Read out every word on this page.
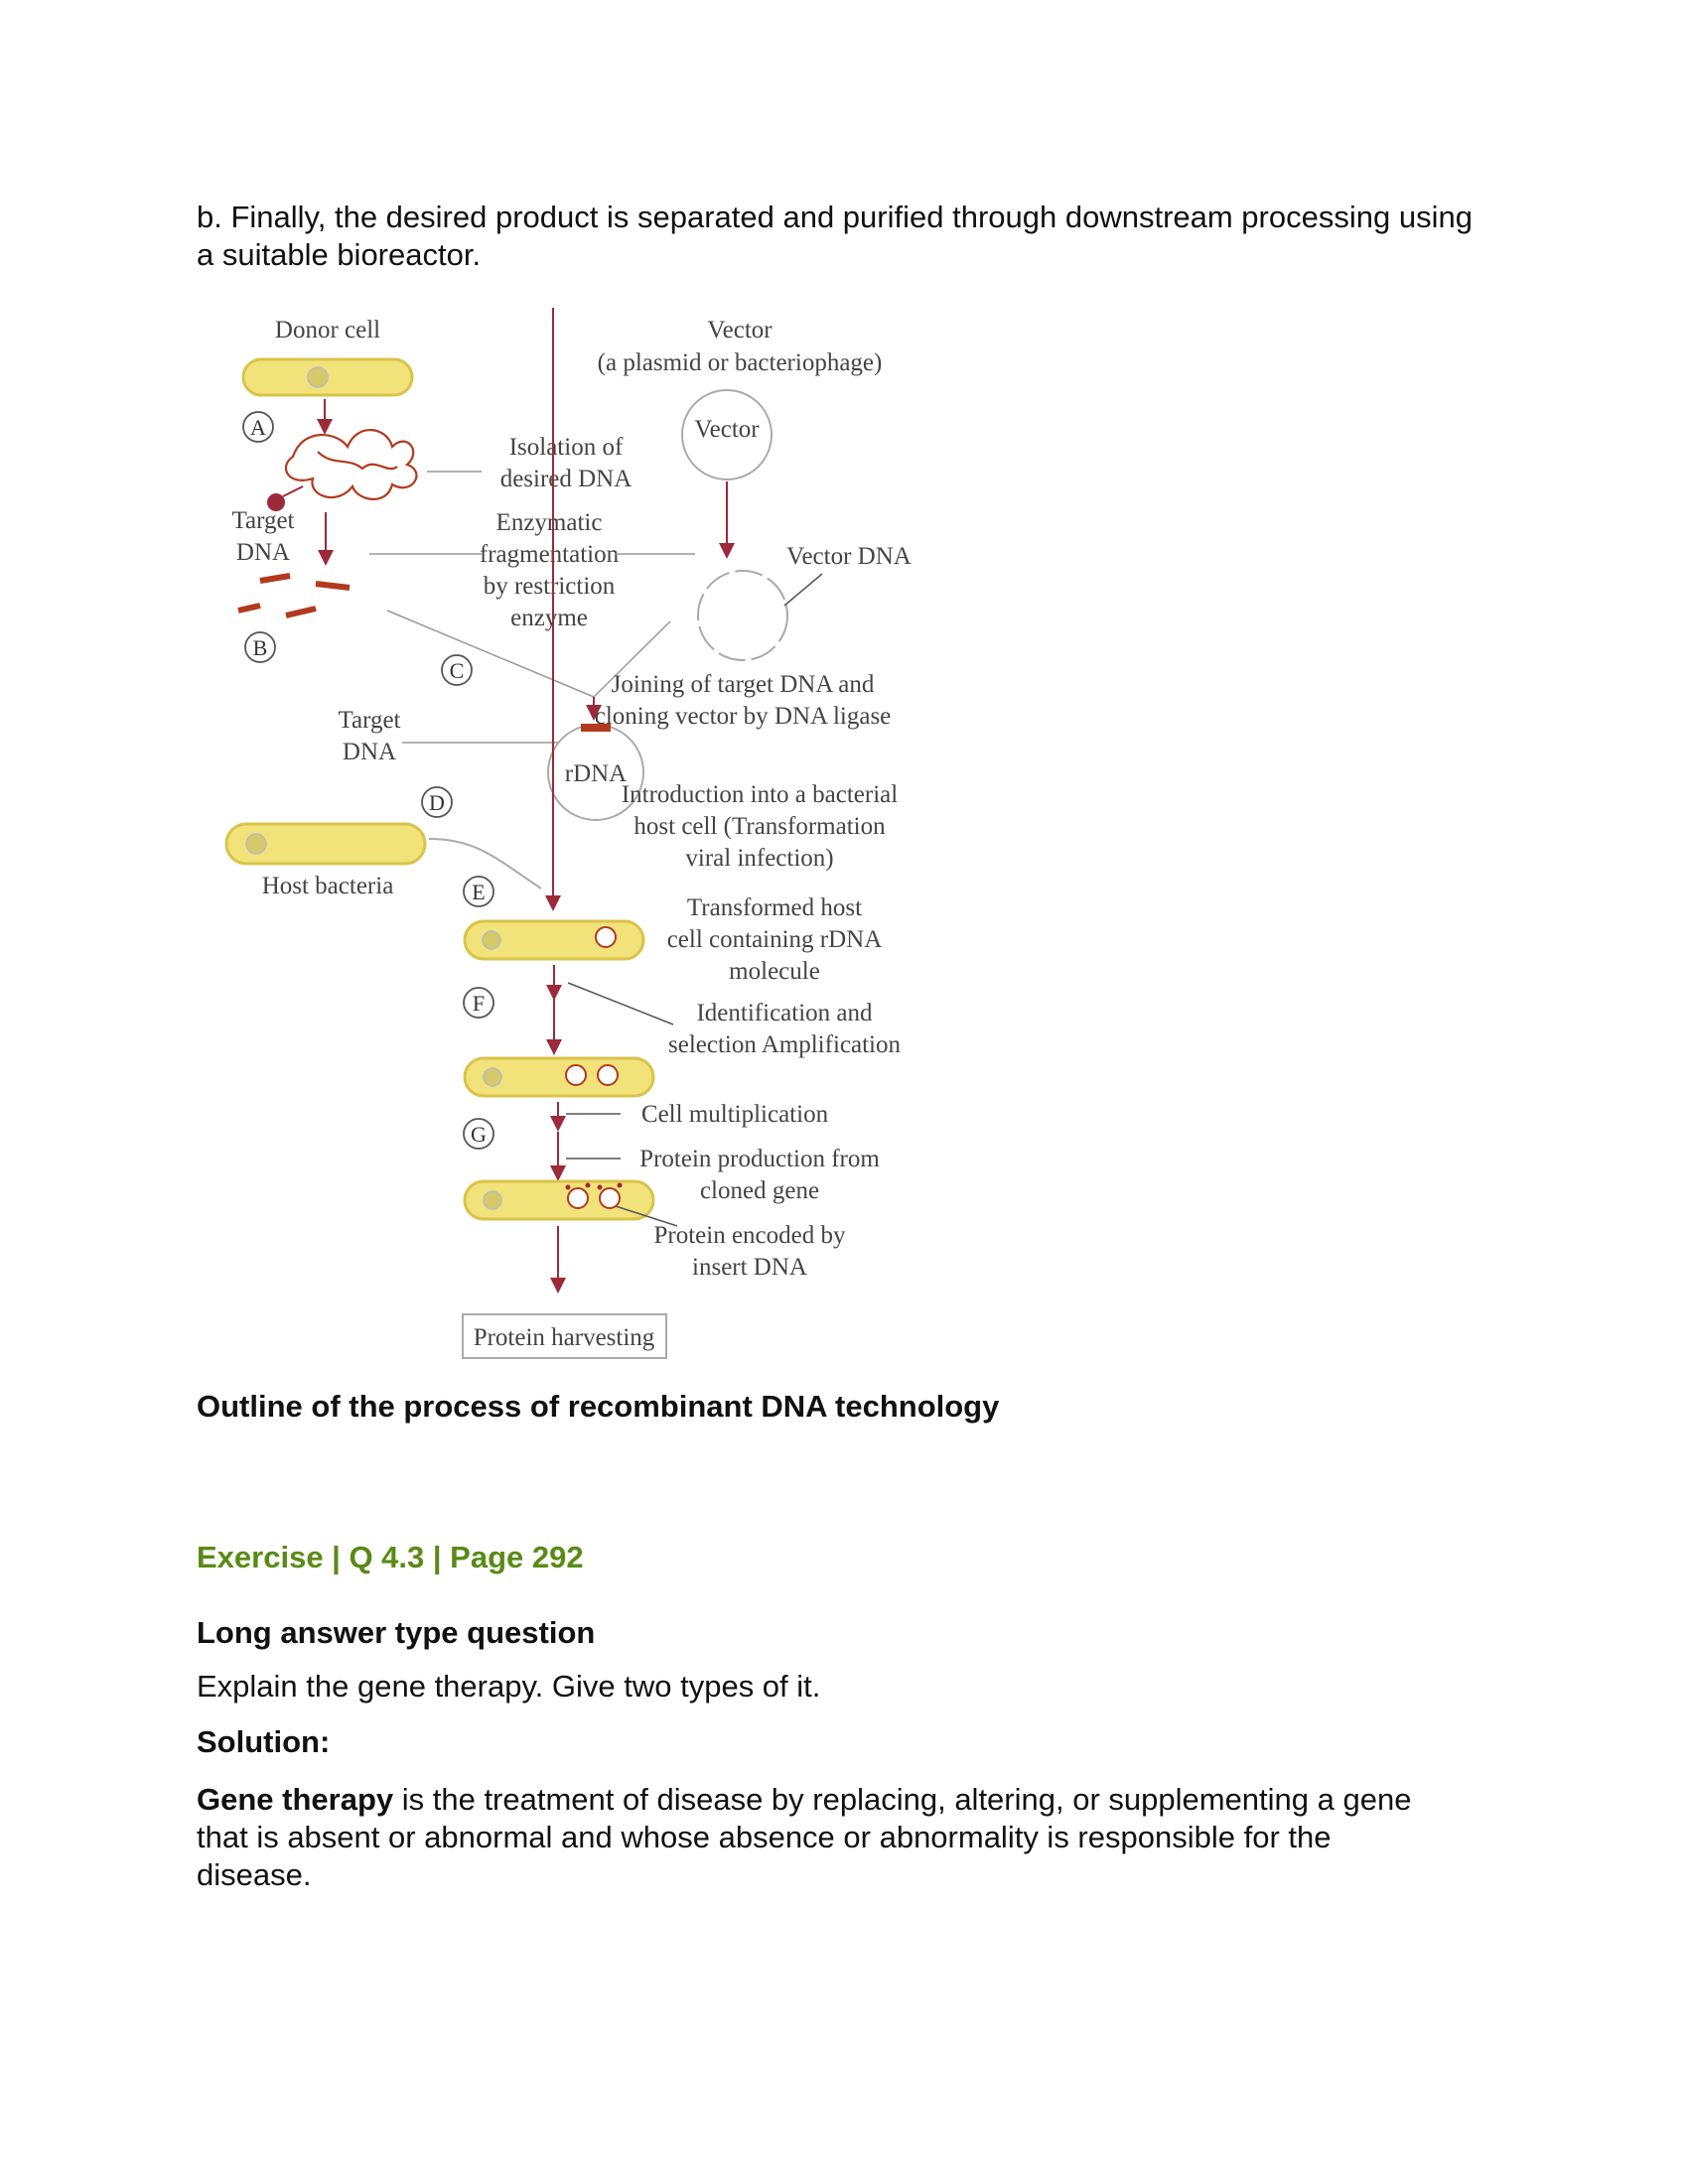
b. Finally, the desired product is separated and purified through downstream processing using a suitable bioreactor.

Donor cell	Vector
(a plasmid or bacteriophage)
Vector
A
Isolation of
desired DNA
Target
DNA
B
Enzymatic
fragmentation
by restriction
enzyme
Vector DNA
C
Joining of target DNA and
cloning vector by DNA ligase
Target
DNA
rDNA
D	Introduction into a bacterial
host cell (Transformation
viral infection)
Host bacteria	E
Transformed host
cell containing rDNA
molecule
F	Identification and
selection Amplification
Cell multiplication
G
Protein production from
cloned gene
Protein encoded by
insert DNA
Protein harvesting

Outline of the process of recombinant DNA technology

Exercise | Q 4.3 | Page 292

Long answer type question

Explain the gene therapy. Give two types of it.

Solution:

Gene therapy is the treatment of disease by replacing, altering, or supplementing a gene that is absent or abnormal and whose absence or abnormality is responsible for the disease.
